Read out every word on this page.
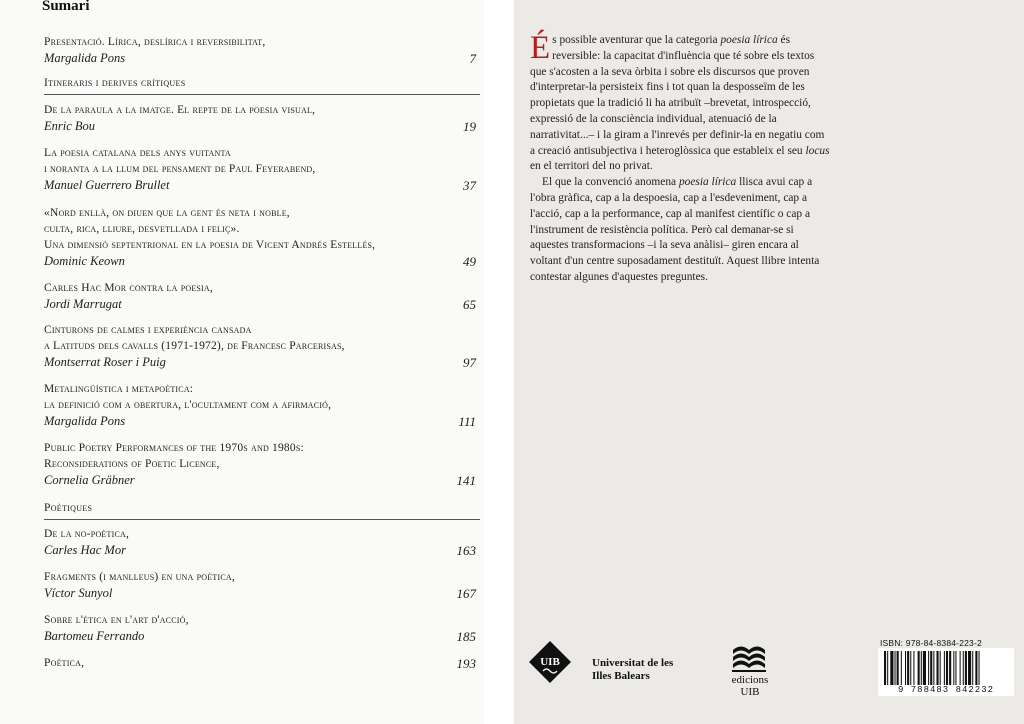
Sumari
Presentació. Lírica, deslírica i reversibilitat,
Margalida Pons	7
Itineraris i derives crítiques
De la paraula a la imatge. El repte de la poesia visual,
Enric Bou	19
La poesia catalana dels anys vuitanta
i noranta a la llum del pensament de Paul Feyerabend,
Manuel Guerrero Brullet	37
«Nord enllà, on diuen que la gent és neta i noble,
culta, rica, lliure, desvetllada i feliç».
Una dimensió septentrional en la poesia de Vicent Andrés Estellés,
Dominic Keown	49
Carles Hac Mor contra la poesia,
Jordi Marrugat	65
Cinturons de calmes i experiència cansada
a Latituds dels cavalls (1971-1972), de Francesc Parcerisas,
Montserrat Roser i Puig	97
Metalingüística i metapoètica:
la definició com a obertura, l'ocultament com a afirmació,
Margalida Pons	111
Public Poetry Performances of the 1970s and 1980s:
Reconsiderations of Poetic Licence,
Cornelia Gräbner	141
Poètiques
De la no-poètica,
Carles Hac Mor	163
Fragments (i manlleus) en una poètica,
Víctor Sunyol	167
Sobre l'ètica en l'art d'acció,
Bartomeu Ferrando	185
Poètica,	193

És possible aventurar que la categoria poesia lírica és reversible: la capacitat d'influència que té sobre els textos que s'acosten a la seva òrbita i sobre els discursos que proven d'interpretar-la persisteix fins i tot quan la desposseïm de les propietats que la tradició li ha atribuït –brevetat, introspecció, expressió de la consciència individual, atenuació de la narrativitat...– i la giram a l'inrevés per definir-la en negatiu com a creació antisubjectiva i heteroglòssica que estableix el seu locus en el territori del no privat.

El que la convenció anomena poesia lírica llisca avui cap a l'obra gràfica, cap a la despoesia, cap a l'esdeveniment, cap a l'acció, cap a la performance, cap al manifest científic o cap a l'instrument de resistència política. Però cal demanar-se si aquestes transformacions –i la seva anàlisi– giren encara al voltant d'un centre suposadament destituït. Aquest llibre intenta contestar algunes d'aquestes preguntes.

UIB	Universitat de les
Illes Balears	edicions
UIB
ISBN: 978-84-8384-223-2
9 788483 842232
